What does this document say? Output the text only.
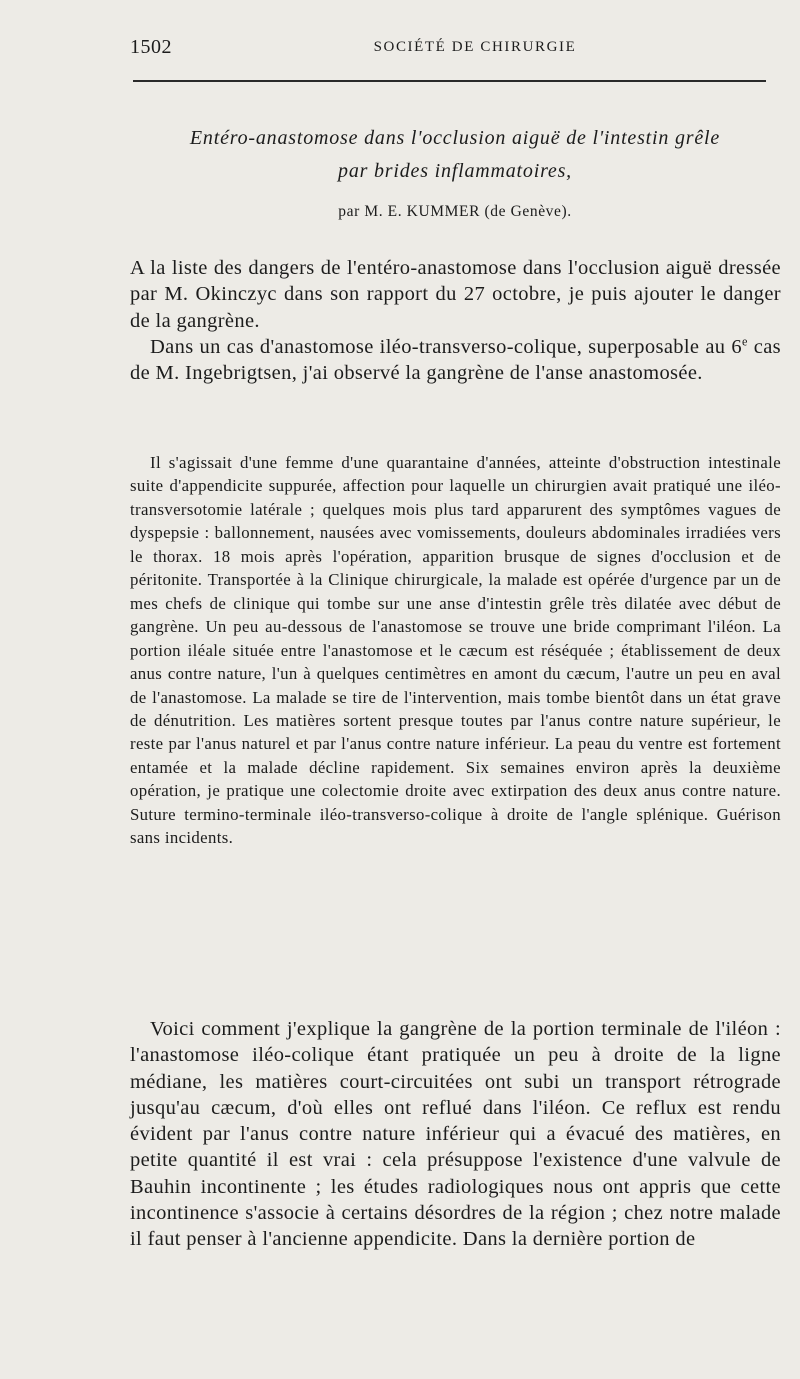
1502	SOCIÉTÉ DE CHIRURGIE
Entéro-anastomose dans l'occlusion aiguë de l'intestin grêle
par brides inflammatoires,
par M. E. KUMMER (de Genève).

A la liste des dangers de l'entéro-anastomose dans l'occlusion aiguë dressée par M. Okinczyc dans son rapport du 27 octobre, je puis ajouter le danger de la gangrène.

Dans un cas d'anastomose iléo-transverso-colique, superposable au 6e cas de M. Ingebrigtsen, j'ai observé la gangrène de l'anse anastomosée.

Il s'agissait d'une femme d'une quarantaine d'années, atteinte d'obstruction intestinale suite d'appendicite suppurée, affection pour laquelle un chirurgien avait pratiqué une iléo-transversotomie latérale ; quelques mois plus tard apparurent des symptômes vagues de dyspepsie : ballonnement, nausées avec vomissements, douleurs abdominales irradiées vers le thorax. 18 mois après l'opération, apparition brusque de signes d'occlusion et de péritonite. Transportée à la Clinique chirurgicale, la malade est opérée d'urgence par un de mes chefs de clinique qui tombe sur une anse d'intestin grêle très dilatée avec début de gangrène. Un peu au-dessous de l'anastomose se trouve une bride comprimant l'iléon. La portion iléale située entre l'anastomose et le cæcum est réséquée ; établissement de deux anus contre nature, l'un à quelques centimètres en amont du cæcum, l'autre un peu en aval de l'anastomose. La malade se tire de l'intervention, mais tombe bientôt dans un état grave de dénutrition. Les matières sortent presque toutes par l'anus contre nature supérieur, le reste par l'anus naturel et par l'anus contre nature inférieur. La peau du ventre est fortement entamée et la malade décline rapidement. Six semaines environ après la deuxième opération, je pratique une colectomie droite avec extirpation des deux anus contre nature. Suture termino-terminale iléo-transverso-colique à droite de l'angle splénique. Guérison sans incidents.

Voici comment j'explique la gangrène de la portion terminale de l'iléon : l'anastomose iléo-colique étant pratiquée un peu à droite de la ligne médiane, les matières court-circuitées ont subi un transport rétrograde jusqu'au cæcum, d'où elles ont reflué dans l'iléon. Ce reflux est rendu évident par l'anus contre nature inférieur qui a évacué des matières, en petite quantité il est vrai : cela présuppose l'existence d'une valvule de Bauhin incontinente ; les études radiologiques nous ont appris que cette incontinence s'associe à certains désordres de la région ; chez notre malade il faut penser à l'ancienne appendicite. Dans la dernière portion de
